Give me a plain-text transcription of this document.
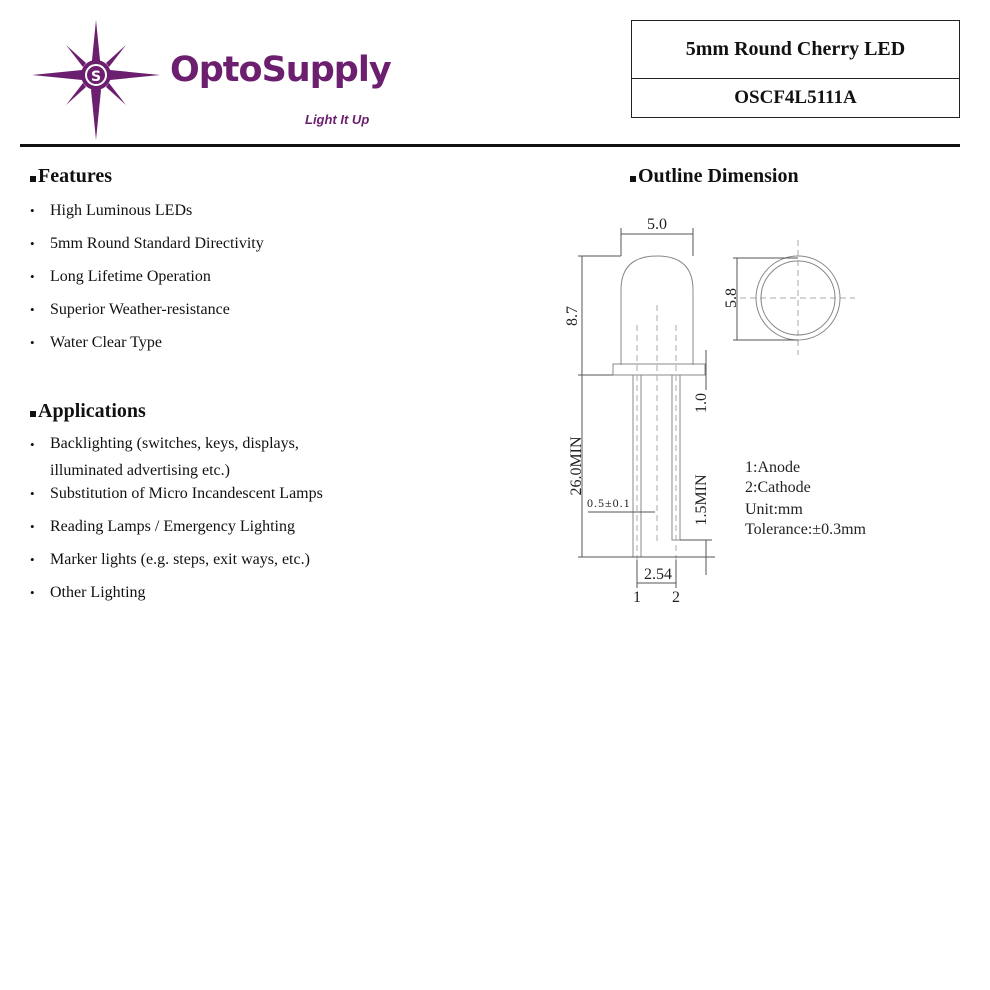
S OptoSupply
Light It Up
5mm Round Cherry LED
OSCF4L5111A
Features
• High Luminous LEDs
• 5mm Round Standard Directivity
• Long Lifetime Operation
• Superior Weather-resistance
• Water Clear Type
Applications
• Backlighting (switches, keys, displays, illuminated advertising etc.)
• Substitution of Micro Incandescent Lamps
• Reading Lamps / Emergency Lighting
• Marker lights (e.g. steps, exit ways, etc.)
• Other Lighting
Outline Dimension
5.0
8.7
5.8
1.0
26.0MIN
0.5±0.1	1.5MIN
2.54
1 2
1:Anode
2:Cathode
Unit:mm
Tolerance:±0.3mm
